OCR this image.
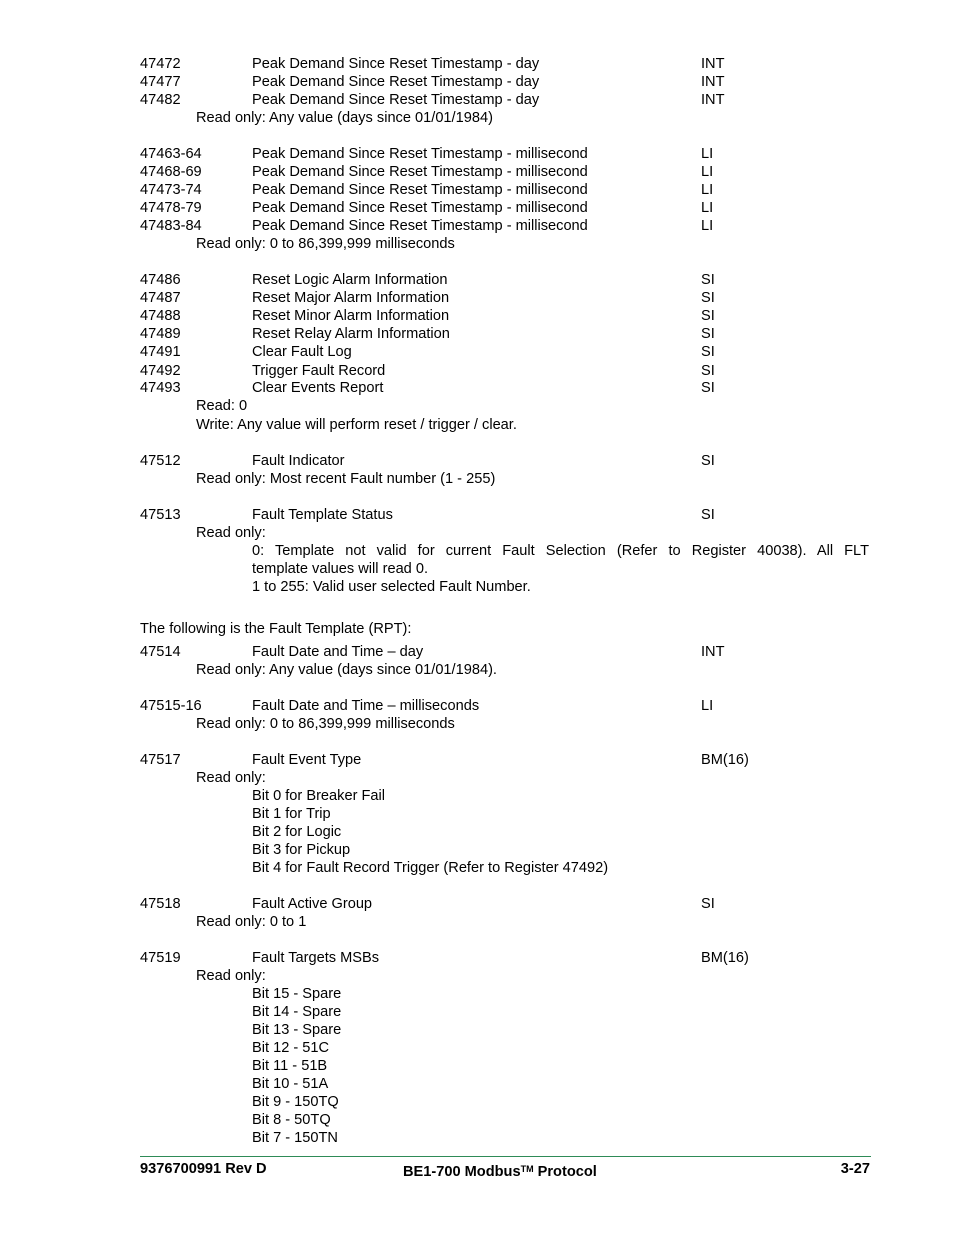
47472	Peak Demand Since Reset Timestamp - day	INT
47477	Peak Demand Since Reset Timestamp - day	INT
47482	Peak Demand Since Reset Timestamp - day	INT
Read only: Any value (days since 01/01/1984)
47463-64	Peak Demand Since Reset Timestamp - millisecond	LI
47468-69	Peak Demand Since Reset Timestamp - millisecond	LI
47473-74	Peak Demand Since Reset Timestamp - millisecond	LI
47478-79	Peak Demand Since Reset Timestamp - millisecond	LI
47483-84	Peak Demand Since Reset Timestamp - millisecond	LI
Read only: 0 to 86,399,999 milliseconds
47486	Reset Logic Alarm Information	SI
47487	Reset Major Alarm Information	SI
47488	Reset Minor Alarm Information	SI
47489	Reset Relay Alarm Information	SI
47491	Clear Fault Log	SI
47492	Trigger Fault Record	SI
47493	Clear Events Report	SI
Read: 0
Write: Any value will perform reset / trigger / clear.
47512	Fault Indicator	SI
Read only: Most recent Fault number (1 - 255)
47513	Fault Template Status	SI
Read only:
0: Template not valid for current Fault Selection (Refer to Register 40038). All FLT
template values will read 0.
1 to 255: Valid user selected Fault Number.
The following is the Fault Template (RPT):
47514	Fault Date and Time – day	INT
Read only: Any value (days since 01/01/1984).
47515-16	Fault Date and Time – milliseconds	LI
Read only: 0 to 86,399,999 milliseconds
47517	Fault Event Type	BM(16)
Read only:
Bit 0 for Breaker Fail
Bit 1 for Trip
Bit 2 for Logic
Bit 3 for Pickup
Bit 4 for Fault Record Trigger (Refer to Register 47492)
47518	Fault Active Group	SI
Read only: 0 to 1
47519	Fault Targets MSBs	BM(16)
Read only:
Bit 15 - Spare
Bit 14 - Spare
Bit 13 - Spare
Bit 12 - 51C
Bit 11 - 51B
Bit 10 - 51A
Bit 9 - 150TQ
Bit 8 - 50TQ
Bit 7 - 150TN
9376700991 Rev D	BE1-700 Modbus™ Protocol	3-27
